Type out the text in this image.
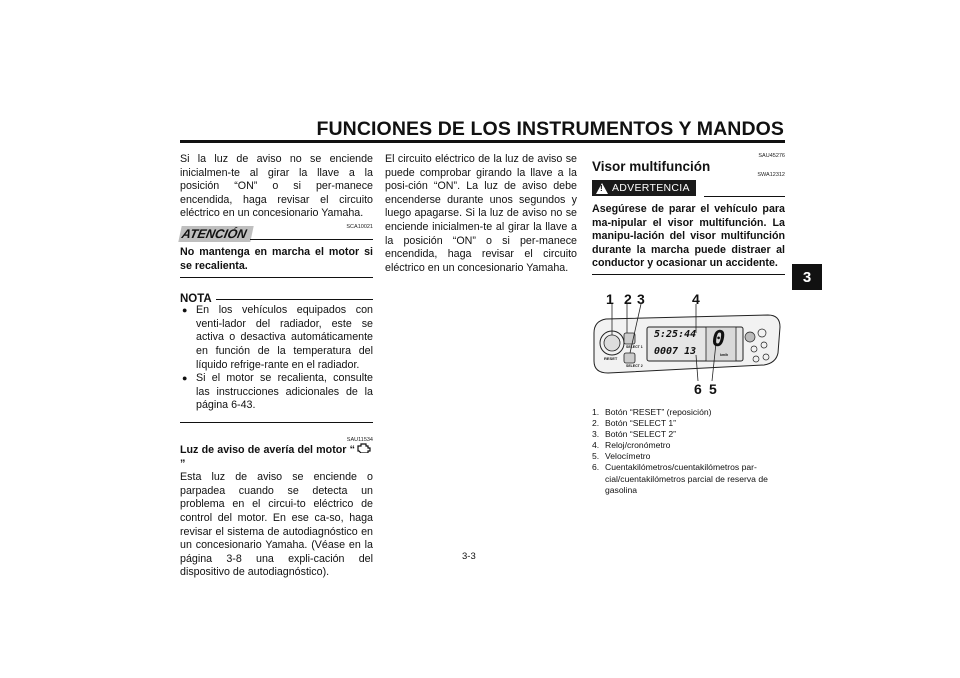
FUNCIONES DE LOS INSTRUMENTOS Y MANDOS
3

Si la luz de aviso no se enciende inicialmen-te al girar la llave a la posición “ON” o si per-manece encendida, haga revisar el circuito eléctrico en un concesionario Yamaha.

ATENCIÓN	SCA10021

No mantenga en marcha el motor si se recalienta.

NOTA
● En los vehículos equipados con venti-lador del radiador, este se activa o desactiva automáticamente en función de la temperatura del líquido refrige-rante en el radiador.
● Si el motor se recalienta, consulte las instrucciones adicionales de la página 6-43.
SAU11534
Luz de aviso de avería del motor “”

Esta luz de aviso se enciende o parpadea cuando se detecta un problema en el circui-to eléctrico de control del motor. En ese ca-so, haga revisar el sistema de autodiagnóstico en un concesionario Yamaha. (Véase en la página 3-8 una expli-cación del dispositivo de autodiagnóstico).

El circuito eléctrico de la luz de aviso se puede comprobar girando la llave a la posi-ción “ON”. La luz de aviso debe encenderse durante unos segundos y luego apagarse. Si la luz de aviso no se enciende inicialmen-te al girar la llave a la posición “ON” o si per-manece encendida, haga revisar el circuito eléctrico en un concesionario Yamaha.

SAU45276
Visor multifunción
! ADVERTENCIA
SWA12312

Asegúrese de parar el vehículo para ma-nipular el visor multifunción. La manipu-lación del visor multifunción durante la marcha puede distraer al conductor y ocasionar un accidente.

1 2 3	4
6 5
RESET
SELECT 1
SELECT 2
5:25:44
0007 13 0
km/h
1. Botón “RESET” (reposición)
2. Botón “SELECT 1”
3. Botón “SELECT 2”
4. Reloj/cronómetro
5. Velocímetro
6. Cuentakilómetros/cuentakilómetros par-cial/cuentakilómetros parcial de reserva de gasolina
3-3
